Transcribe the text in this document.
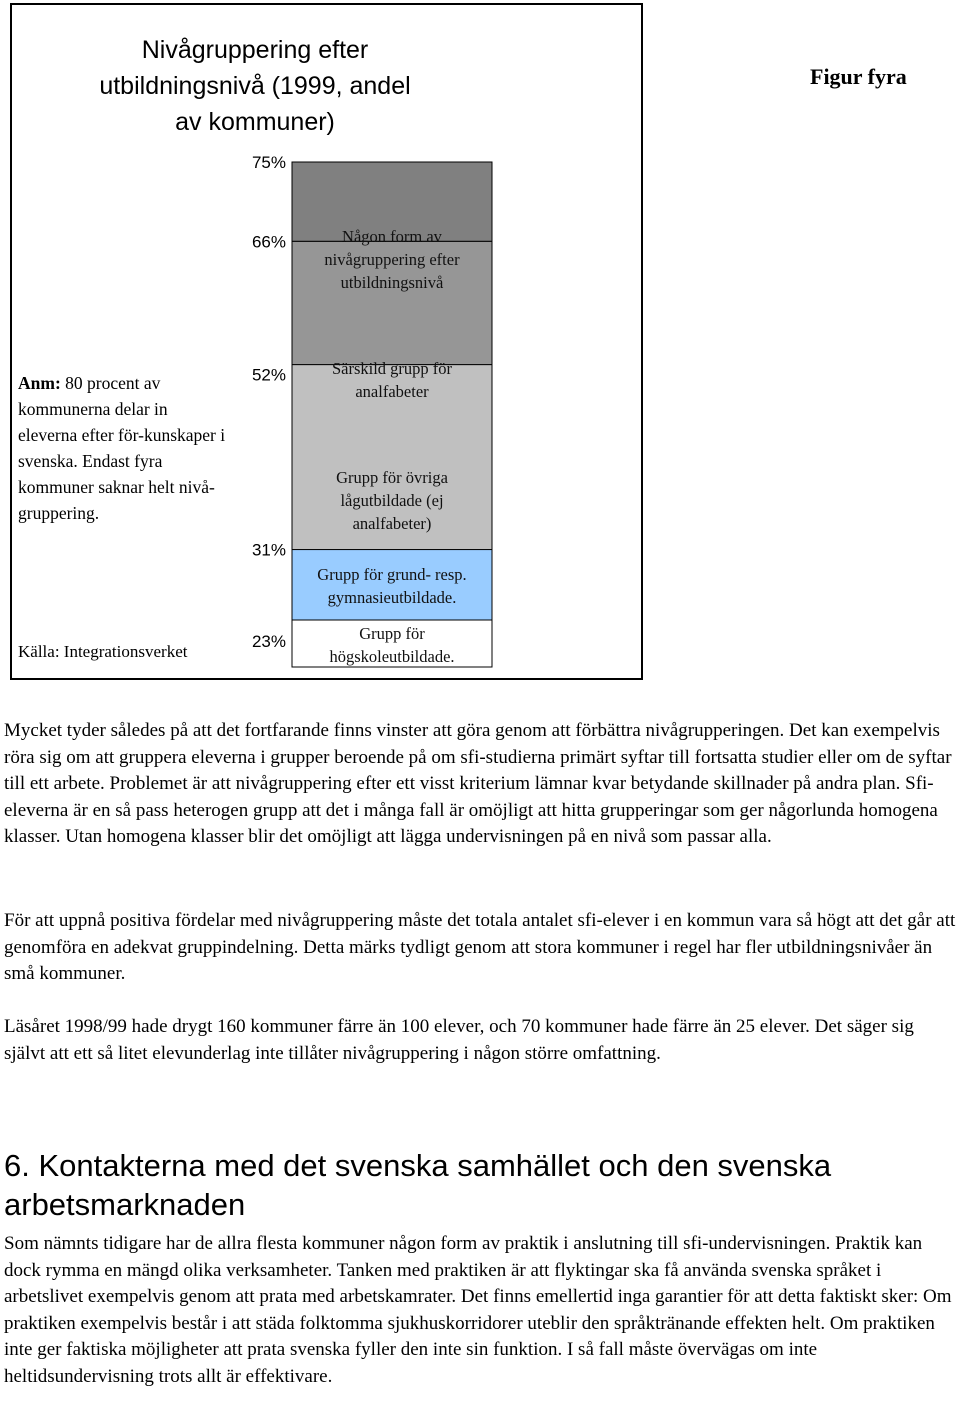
Nivågruppering efter utbildningsnivå (1999, andel av kommuner)
Figur fyra
Anm: 80 procent av kommunerna delar in eleverna efter för-kunskaper i svenska. Endast fyra kommuner saknar helt nivå-gruppering.
Källa: Integrationsverket
23%
31%
52%
66%
75%
Grupp för högskoleutbildade.
Grupp för grund- resp. gymnasieutbildade.
Grupp för övriga lågutbildade (ej analfabeter)
Särskild grupp för analfabeter
Någon form av nivågruppering efter utbildningsnivå
Mycket tyder således på att det fortfarande finns vinster att göra genom att förbättra nivågrupperingen. Det kan exempelvis röra sig om att gruppera eleverna i grupper beroende på om sfi-studierna primärt syftar till fortsatta studier eller om de syftar till ett arbete. Problemet är att nivågruppering efter ett visst kriterium lämnar kvar betydande skillnader på andra plan. Sfi-eleverna är en så pass heterogen grupp att det i många fall är omöjligt att hitta grupperingar som ger någorlunda homogena klasser. Utan homogena klasser blir det omöjligt att lägga undervisningen på en nivå som passar alla.
För att uppnå positiva fördelar med nivågruppering måste det totala antalet sfi-elever i en kommun vara så högt att det går att genomföra en adekvat gruppindelning. Detta märks tydligt genom att stora kommuner i regel har fler utbildningsnivåer än små kommuner.
Läsåret 1998/99 hade drygt 160 kommuner färre än 100 elever, och 70 kommuner hade färre än 25 elever. Det säger sig självt att ett så litet elevunderlag inte tillåter nivågruppering i någon större omfattning.
6. Kontakterna med det svenska samhället och den svenska arbetsmarknaden
Som nämnts tidigare har de allra flesta kommuner någon form av praktik i anslutning till sfi-undervisningen. Praktik kan dock rymma en mängd olika verksamheter. Tanken med praktiken är att flyktingar ska få använda svenska språket i arbetslivet exempelvis genom att prata med arbetskamrater. Det finns emellertid inga garantier för att detta faktiskt sker: Om praktiken exempelvis består i att städa folktomma sjukhuskorridorer uteblir den språktränande effekten helt. Om praktiken inte ger faktiska möjligheter att prata svenska fyller den inte sin funktion. I så fall måste övervägas om inte heltidsundervisning trots allt är effektivare.
